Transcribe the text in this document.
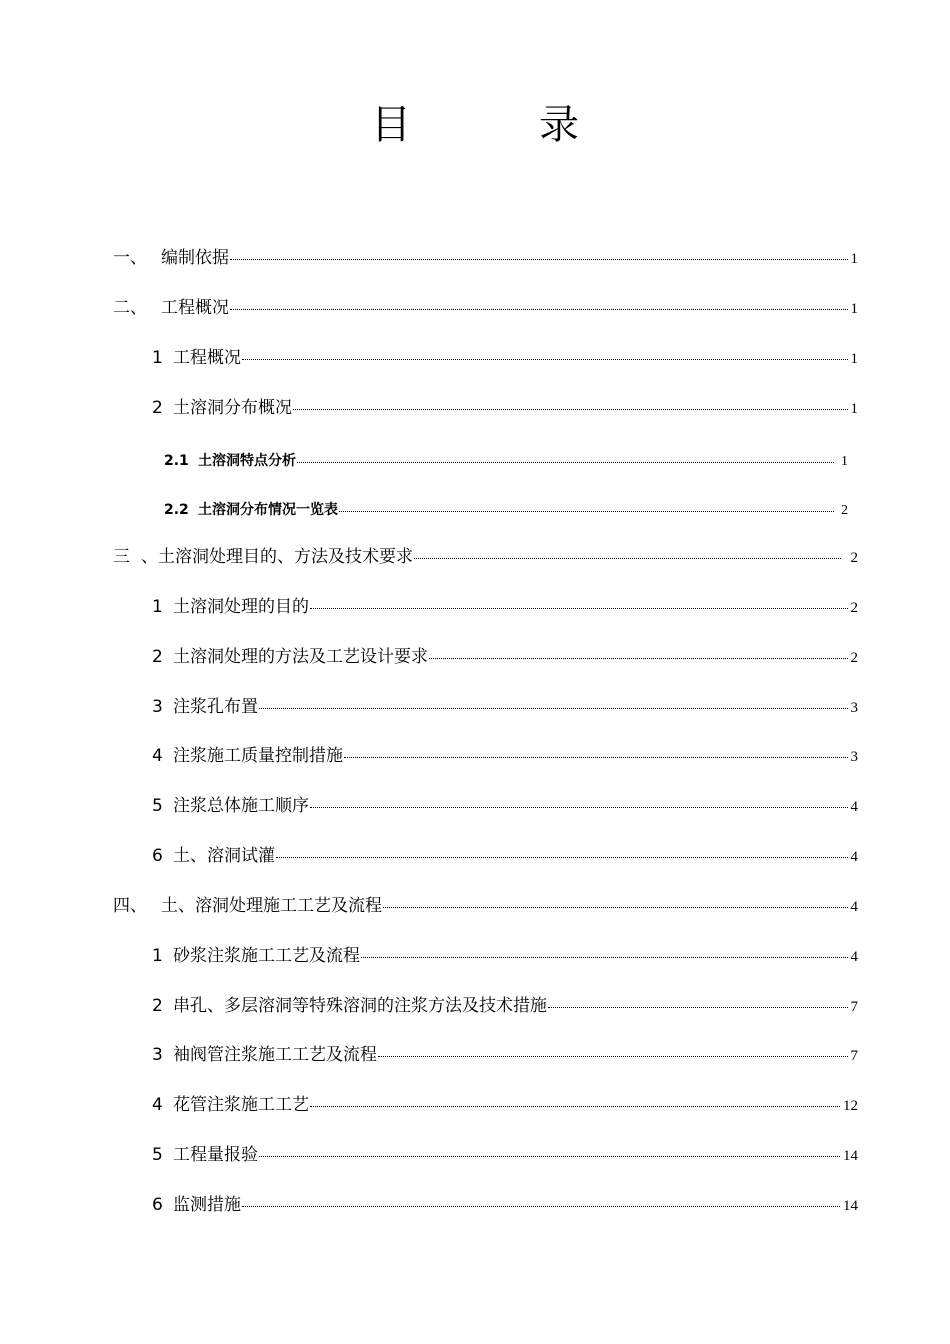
目　录
一、 编制依据	1
二、 工程概况	1
1 工程概况	1
2 土溶洞分布概况	1
2.1 土溶洞特点分析	1
2.2 土溶洞分布情况一览表	2
三 、土溶洞处理目的、方法及技术要求	2
1 土溶洞处理的目的	2
2 土溶洞处理的方法及工艺设计要求	2
3 注浆孔布置	3
4 注浆施工质量控制措施	3
5 注浆总体施工顺序	4
6 土、溶洞试灌	4
四、 土、溶洞处理施工工艺及流程	4
1 砂浆注浆施工工艺及流程	4
2 串孔、多层溶洞等特殊溶洞的注浆方法及技术措施	7
3 袖阀管注浆施工工艺及流程	7
4 花管注浆施工工艺	12
5 工程量报验	14
6 监测措施	14
